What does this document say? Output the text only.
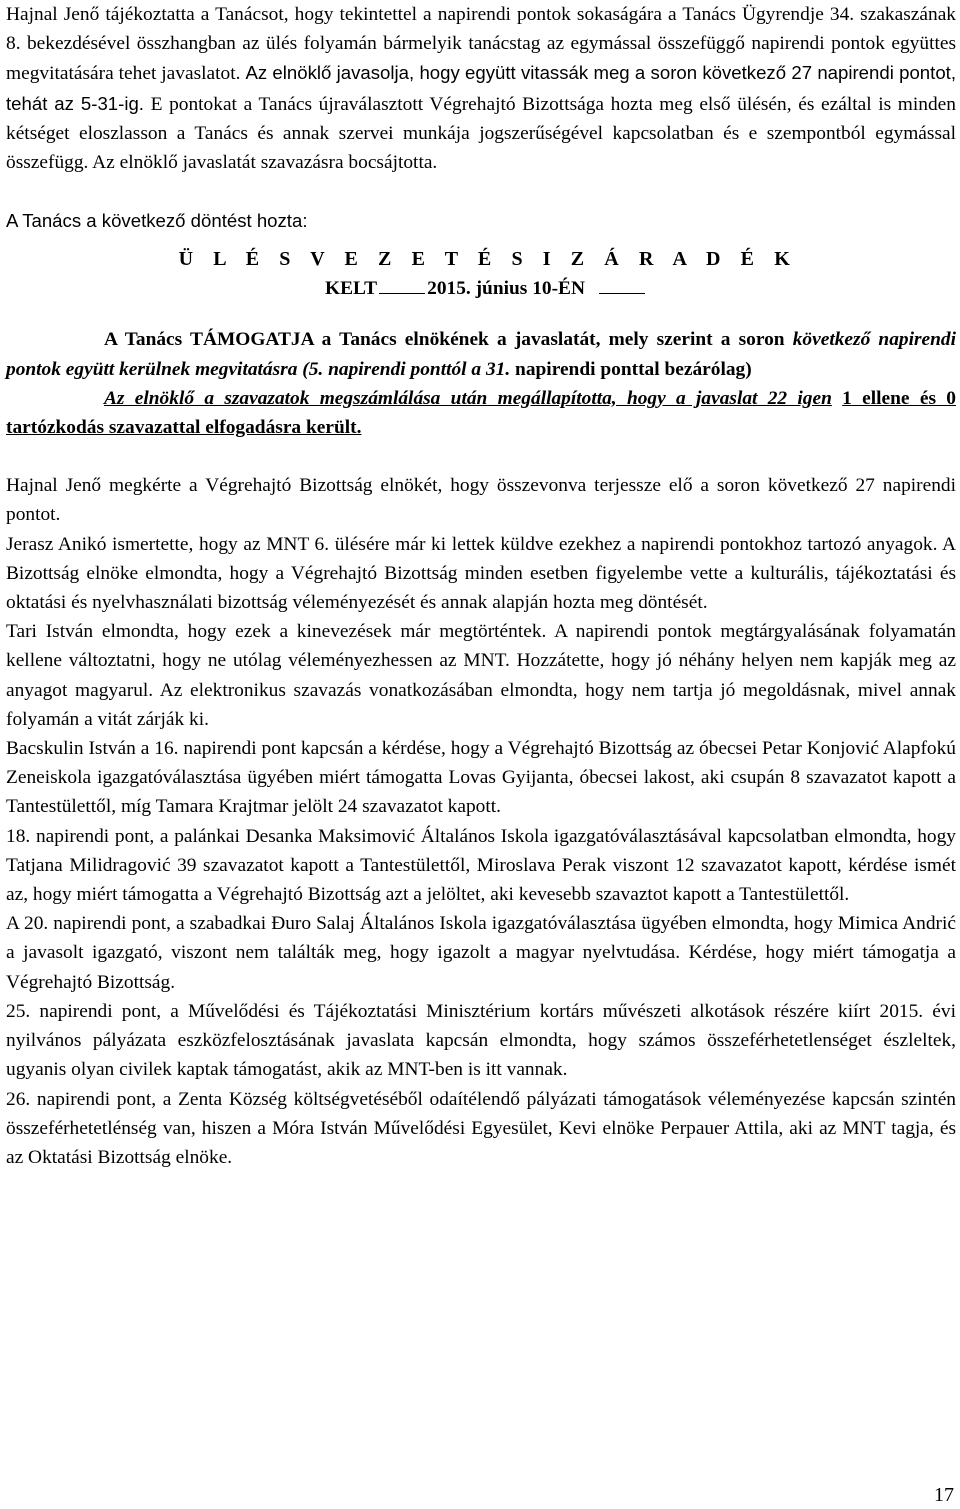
Hajnal Jenő tájékoztatta a Tanácsot, hogy tekintettel a napirendi pontok sokaságára a Tanács Ügyrendje 34. szakaszának 8. bekezdésével összhangban az ülés folyamán bármelyik tanácstag az egymással összefüggő napirendi pontok együttes megvitatására tehet javaslatot. Az elnöklő javasolja, hogy együtt vitassák meg a soron következő 27 napirendi pontot, tehát az 5-31-ig. E pontokat a Tanács újraválasztott Végrehajtó Bizottsága hozta meg első ülésén, és ezáltal is minden kétséget eloszlasson a Tanács és annak szervei munkája jogszerűségével kapcsolatban és e szempontból egymással összefügg. Az elnöklő javaslatát szavazásra bocsájtotta.

A Tanács a következő döntést hozta:

Ü L É S V E Z E T É S I Z Á R A D É K
KELT	2015. június 10-ÉN

A Tanács TÁMOGATJA a Tanács elnökének a javaslatát, mely szerint a soron következő napirendi pontok együtt kerülnek megvitatásra (5. napirendi ponttól a 31. napirendi ponttal bezárólag)

Az elnöklő a szavazatok megszámlálása után megállapította, hogy a javaslat 22 igen 1 ellene és 0 tartózkodás szavazattal elfogadásra került.

Hajnal Jenő megkérte a Végrehajtó Bizottság elnökét, hogy összevonva terjessze elő a soron következő 27 napirendi pontot.

Jerasz Anikó ismertette, hogy az MNT 6. ülésére már ki lettek küldve ezekhez a napirendi pontokhoz tartozó anyagok. A Bizottság elnöke elmondta, hogy a Végrehajtó Bizottság minden esetben figyelembe vette a kulturális, tájékoztatási és oktatási és nyelvhasználati bizottság véleményezését és annak alapján hozta meg döntését.

Tari István elmondta, hogy ezek a kinevezések már megtörténtek. A napirendi pontok megtárgyalásának folyamatán kellene változtatni, hogy ne utólag véleményezhessen az MNT. Hozzátette, hogy jó néhány helyen nem kapják meg az anyagot magyarul. Az elektronikus szavazás vonatkozásában elmondta, hogy nem tartja jó megoldásnak, mivel annak folyamán a vitát zárják ki.

Bacskulin István a 16. napirendi pont kapcsán a kérdése, hogy a Végrehajtó Bizottság az óbecsei Petar Konjović Alapfokú Zeneiskola igazgatóválasztása ügyében miért támogatta Lovas Gyijanta, óbecsei lakost, aki csupán 8 szavazatot kapott a Tantestülettől, míg Tamara Krajtmar jelölt 24 szavazatot kapott.

18. napirendi pont, a palánkai Desanka Maksimović Általános Iskola igazgatóválasztásával kapcsolatban elmondta, hogy Tatjana Milidragović 39 szavazatot kapott a Tantestülettől, Miroslava Perak viszont 12 szavazatot kapott, kérdése ismét az, hogy miért támogatta a Végrehajtó Bizottság azt a jelöltet, aki kevesebb szavaztot kapott a Tantestülettől.

A 20. napirendi pont, a szabadkai Đuro Salaj Általános Iskola igazgatóválasztása ügyében elmondta, hogy Mimica Andrić a javasolt igazgató, viszont nem találták meg, hogy igazolt a magyar nyelvtudása. Kérdése, hogy miért támogatja a Végrehajtó Bizottság.

25. napirendi pont, a Művelődési és Tájékoztatási Minisztérium kortárs művészeti alkotások részére kiírt 2015. évi nyilvános pályázata eszközfelosztásának javaslata kapcsán elmondta, hogy számos összeférhetetlenséget észleltek, ugyanis olyan civilek kaptak támogatást, akik az MNT-ben is itt vannak.

26. napirendi pont, a Zenta Község költségvetéséből odaítélendő pályázati támogatások véleményezése kapcsán szintén összeférhetetlénség van, hiszen a Móra István Művelődési Egyesület, Kevi elnöke Perpauer Attila, aki az MNT tagja, és az Oktatási Bizottság elnöke.

17
